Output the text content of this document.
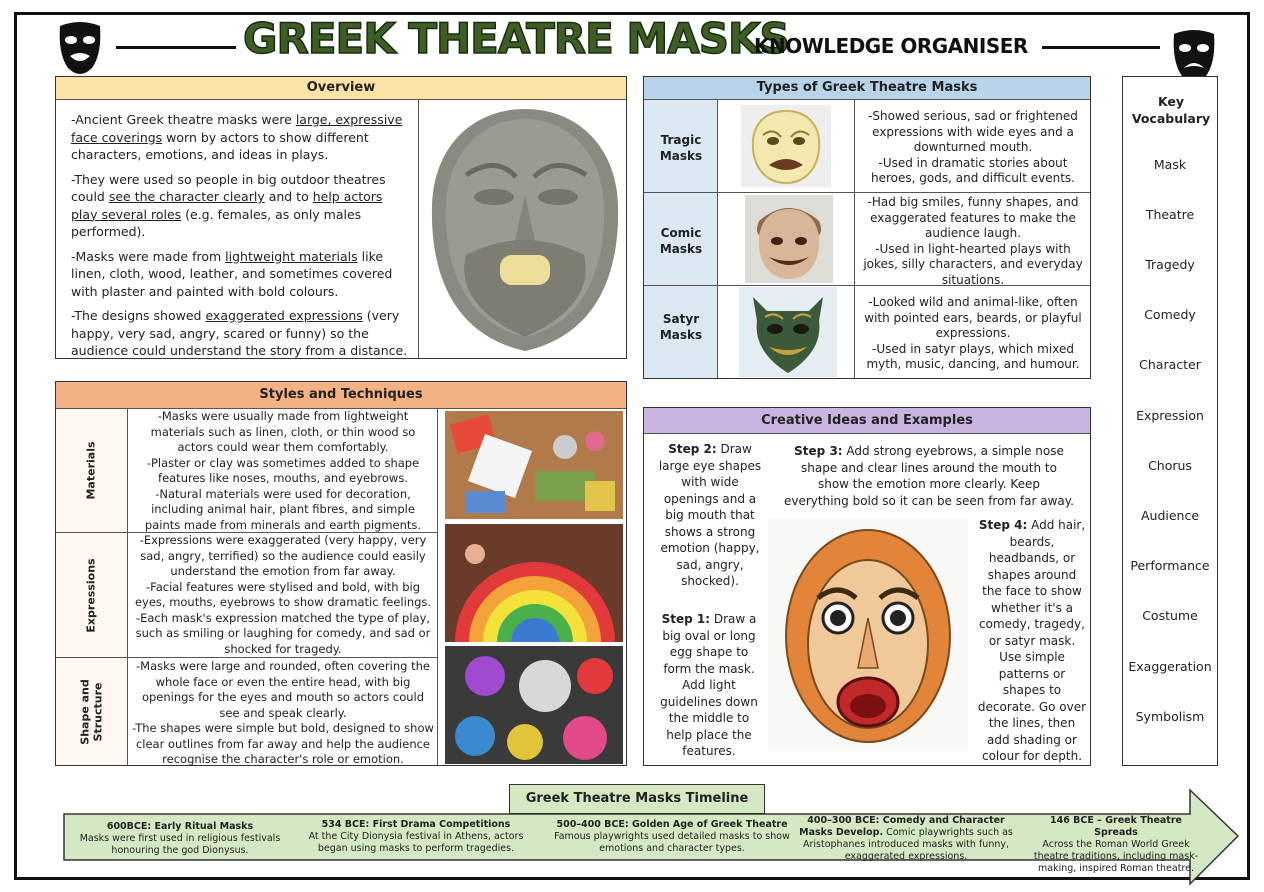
GREEK THEATRE MASKS
KNOWLEDGE ORGANISER
Overview

-Ancient Greek theatre masks were large, expressive face coverings worn by actors to show different characters, emotions, and ideas in plays.

-They were used so people in big outdoor theatres could see the character clearly and to help actors play several roles (e.g. females, as only males performed).

-Masks were made from lightweight materials like linen, cloth, wood, leather, and sometimes covered with plaster and painted with bold colours.

-The designs showed exaggerated expressions (very happy, very sad, angry, scared or funny) so the audience could understand the story from a distance.

Types of Greek Theatre Masks
Tragic
Masks
Comic
Masks
Satyr
Masks
-Showed serious, sad or frightened expressions with wide eyes and a downturned mouth.
-Used in dramatic stories about heroes, gods, and difficult events.
-Had big smiles, funny shapes, and exaggerated features to make the audience laugh.
-Used in light-hearted plays with jokes, silly characters, and everyday situations.
-Looked wild and animal-like, often with pointed ears, beards, or playful expressions.
-Used in satyr plays, which mixed myth, music, dancing, and humour.
Key Vocabulary
Mask
Theatre
Tragedy
Comedy
Character
Expression
Chorus
Audience
Performance
Costume
Exaggeration
Symbolism
Styles and Techniques
Materials
Expressions
Shape and
Structure
-Masks were usually made from lightweight materials such as linen, cloth, or thin wood so actors could wear them comfortably.
-Plaster or clay was sometimes added to shape features like noses, mouths, and eyebrows.
-Natural materials were used for decoration, including animal hair, plant fibres, and simple paints made from minerals and earth pigments.
-Expressions were exaggerated (very happy, very sad, angry, terrified) so the audience could easily understand the emotion from far away.
-Facial features were stylised and bold, with big eyes, mouths, eyebrows to show dramatic feelings.
-Each mask's expression matched the type of play, such as smiling or laughing for comedy, and sad or shocked for tragedy.
-Masks were large and rounded, often covering the whole face or even the entire head, with big openings for the eyes and mouth so actors could see and speak clearly.
-The shapes were simple but bold, designed to show clear outlines from far away and help the audience recognise the character's role or emotion.
Creative Ideas and Examples
Step 2: Draw large eye shapes with wide openings and a big mouth that shows a strong emotion (happy, sad, angry, shocked).
Step 3: Add strong eyebrows, a simple nose shape and clear lines around the mouth to show the emotion more clearly. Keep everything bold so it can be seen from far away.
Step 1: Draw a big oval or long egg shape to form the mask. Add light guidelines down the middle to help place the features.
Step 4: Add hair, beards, headbands, or shapes around the face to show whether it's a comedy, tragedy, or satyr mask. Use simple patterns or shapes to decorate. Go over the lines, then add shading or colour for depth.
Greek Theatre Masks Timeline
600BCE: Early Ritual Masks
Masks were first used in religious festivals honouring the god Dionysus.
534 BCE: First Drama Competitions
At the City Dionysia festival in Athens, actors began using masks to perform tragedies.
500–400 BCE: Golden Age of Greek Theatre
Famous playwrights used detailed masks to show emotions and character types.
400–300 BCE: Comedy and Character Masks Develop. Comic playwrights such as Aristophanes introduced masks with funny, exaggerated expressions.
146 BCE – Greek Theatre Spreads
Across the Roman World Greek theatre traditions, including mask-making, inspired Roman theatre.
